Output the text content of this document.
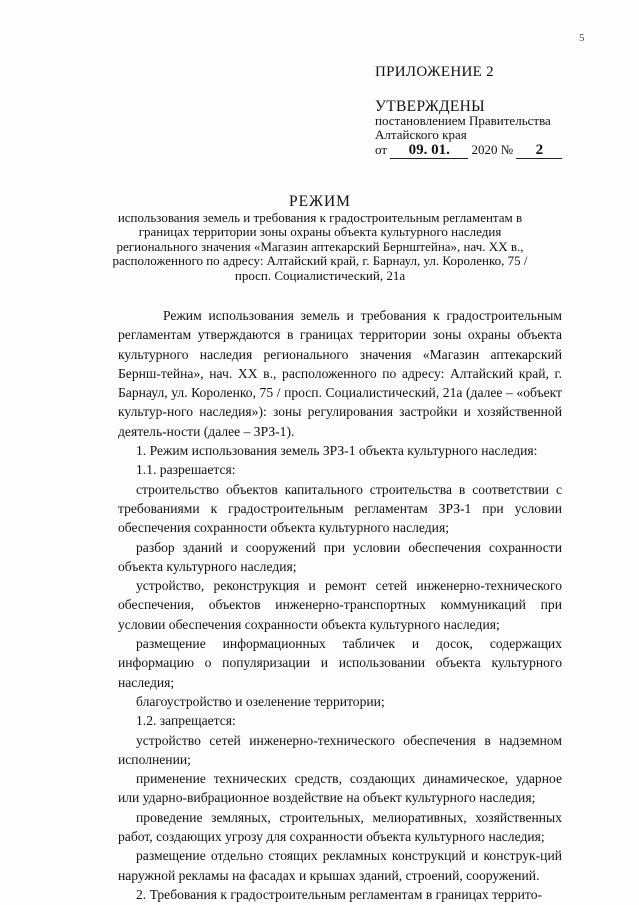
5
ПРИЛОЖЕНИЕ 2
УТВЕРЖДЕНЫ
постановлением Правительства
Алтайского края
от 09. 01. 2020 № 2
РЕЖИМ
использования земель и требования к градостроительным регламентам в границах территории зоны охраны объекта культурного наследия регионального значения «Магазин аптекарский Бернштейна», нач. XX в., расположенного по адресу: Алтайский край, г. Барнаул, ул. Короленко, 75 / просп. Социалистический, 21а

Режим использования земель и требования к градостроительным регламентам утверждаются в границах территории зоны охраны объекта культурного наследия регионального значения «Магазин аптекарский Бернш-тейна», нач. XX в., расположенного по адресу: Алтайский край, г. Барнаул, ул. Короленко, 75 / просп. Социалистический, 21а (далее – «объект культур-ного наследия»): зоны регулирования застройки и хозяйственной деятель-ности (далее – ЗРЗ-1).

1. Режим использования земель ЗРЗ-1 объекта культурного наследия:

1.1. разрешается:

строительство объектов капитального строительства в соответствии с требованиями к градостроительным регламентам ЗРЗ-1 при условии обеспечения сохранности объекта культурного наследия;

разбор зданий и сооружений при условии обеспечения сохранности объекта культурного наследия;

устройство, реконструкция и ремонт сетей инженерно-технического обеспечения, объектов инженерно-транспортных коммуникаций при условии обеспечения сохранности объекта культурного наследия;

размещение информационных табличек и досок, содержащих информацию о популяризации и использовании объекта культурного наследия;

благоустройство и озеленение территории;

1.2. запрещается:

устройство сетей инженерно-технического обеспечения в надземном исполнении;

применение технических средств, создающих динамическое, ударное или ударно-вибрационное воздействие на объект культурного наследия;

проведение земляных, строительных, мелиоративных, хозяйственных работ, создающих угрозу для сохранности объекта культурного наследия;

размещение отдельно стоящих рекламных конструкций и конструк-ций наружной рекламы на фасадах и крышах зданий, строений, сооружений.

2. Требования к градостроительным регламентам в границах террито-
